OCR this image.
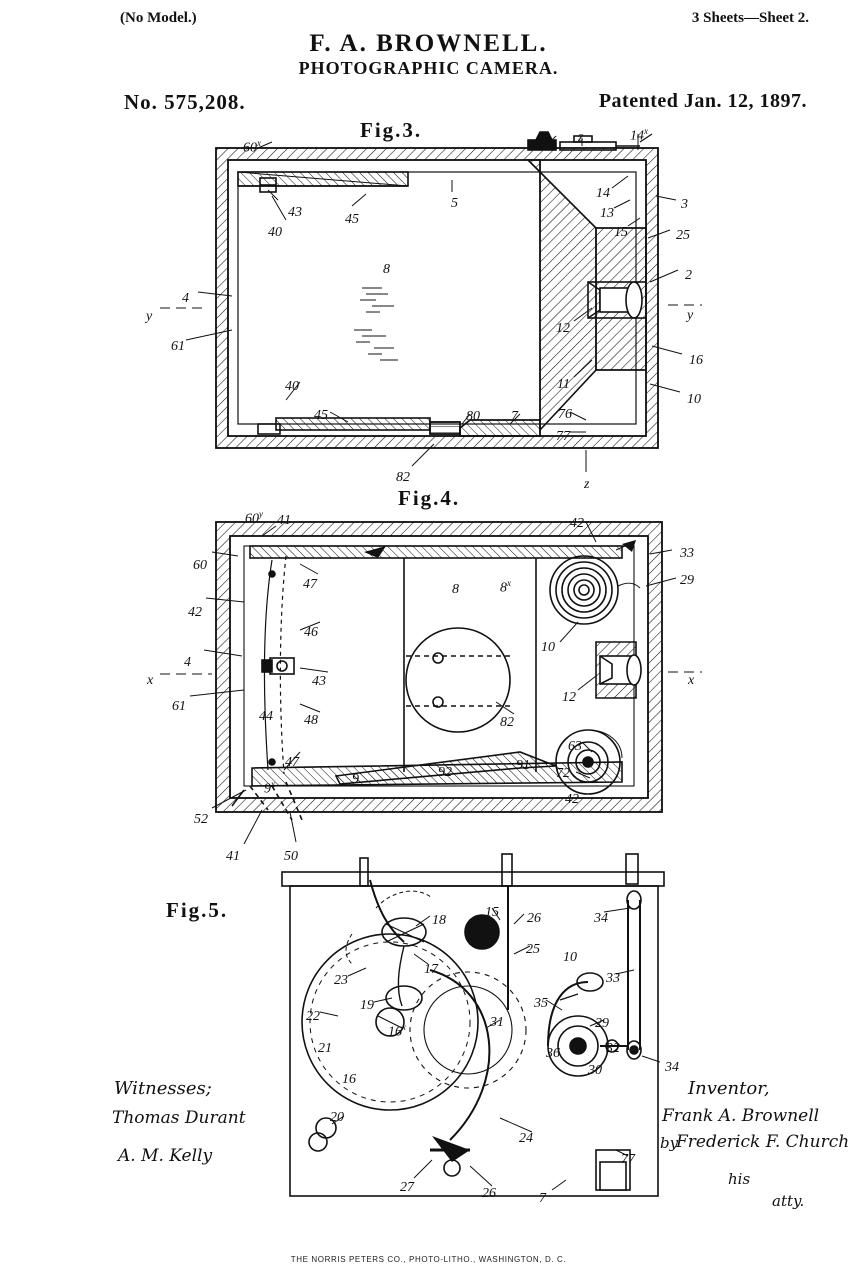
(No Model.)	3 Sheets—Sheet 2.
F. A. BROWNELL.
PHOTOGRAPHIC CAMERA.
No. 575,208.	Patented Jan. 12, 1897.
Fig.3.
Fig.4.
Fig.5.
60$^x$	6 z	14$^x$
43	45
5
40
14
13
3
15	25
8	2
4
y
12
y
61
16
11
40
10
45	80 7	76
77
82	z
60$^y$ 41	42
60
33
47	8	8$^x$	29
42
46
10
4
x	43	x
61
12
44 48	82
47
63
9$^x$	9	92	91
72
42
52
41	50
18
15 26	34
25
10
17
23	33
19	35
22
16$^x$	31	29
21	36	32
16
30	34
20
24
27	26	7
77
Witnesses;
Thomas Durant
A. M. Kelly
Inventor,
Frank A. Brownell
by
Frederick F. Church
his
atty.
THE NORRIS PETERS CO., PHOTO-LITHO., WASHINGTON, D. C.
